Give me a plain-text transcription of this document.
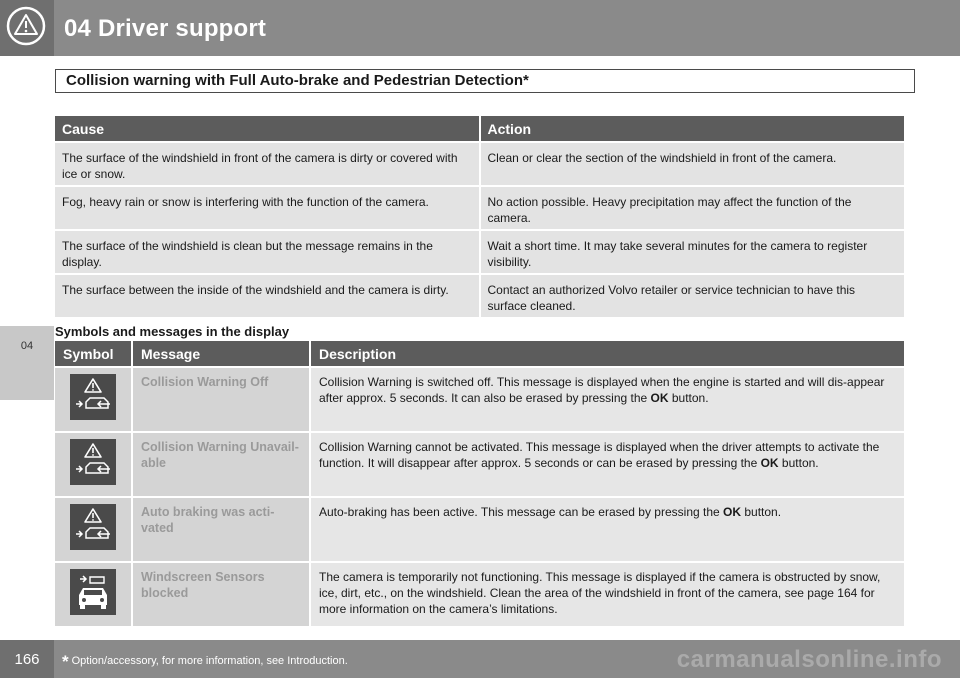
04 Driver support
04
Collision warning with Full Auto-brake and Pedestrian Detection*
Cause	Action
The surface of the windshield in front of the camera is dirty or covered with ice or snow.	Clean or clear the section of the windshield in front of the camera.
Fog, heavy rain or snow is interfering with the function of the camera.	No action possible. Heavy precipitation may affect the function of the camera.
The surface of the windshield is clean but the message remains in the display.	Wait a short time. It may take several minutes for the camera to register visibility.
The surface between the inside of the windshield and the camera is dirty.	Contact an authorized Volvo retailer or service technician to have this surface cleaned.
Symbols and messages in the display
Symbol	Message	Description

	Collision Warning Off	Collision Warning is switched off. This message is displayed when the engine is started and will dis-appear after approx. 5 seconds. It can also be erased by pressing the OK button.

	Collision Warning Unavail-able	Collision Warning cannot be activated. This message is displayed when the driver attempts to activate the function. It will disappear after approx. 5 seconds or can be erased by pressing the OK button.

	Auto braking was acti-vated	Auto-braking has been active. This message can be erased by pressing the OK button.

	Windscreen Sensors blocked	The camera is temporarily not functioning. This message is displayed if the camera is obstructed by snow, ice, dirt, etc., on the windshield. Clean the area of the windshield in front of the camera, see page 164 for more information on the camera’s limitations.
166	* Option/accessory, for more information, see Introduction.	carmanualsonline.info
